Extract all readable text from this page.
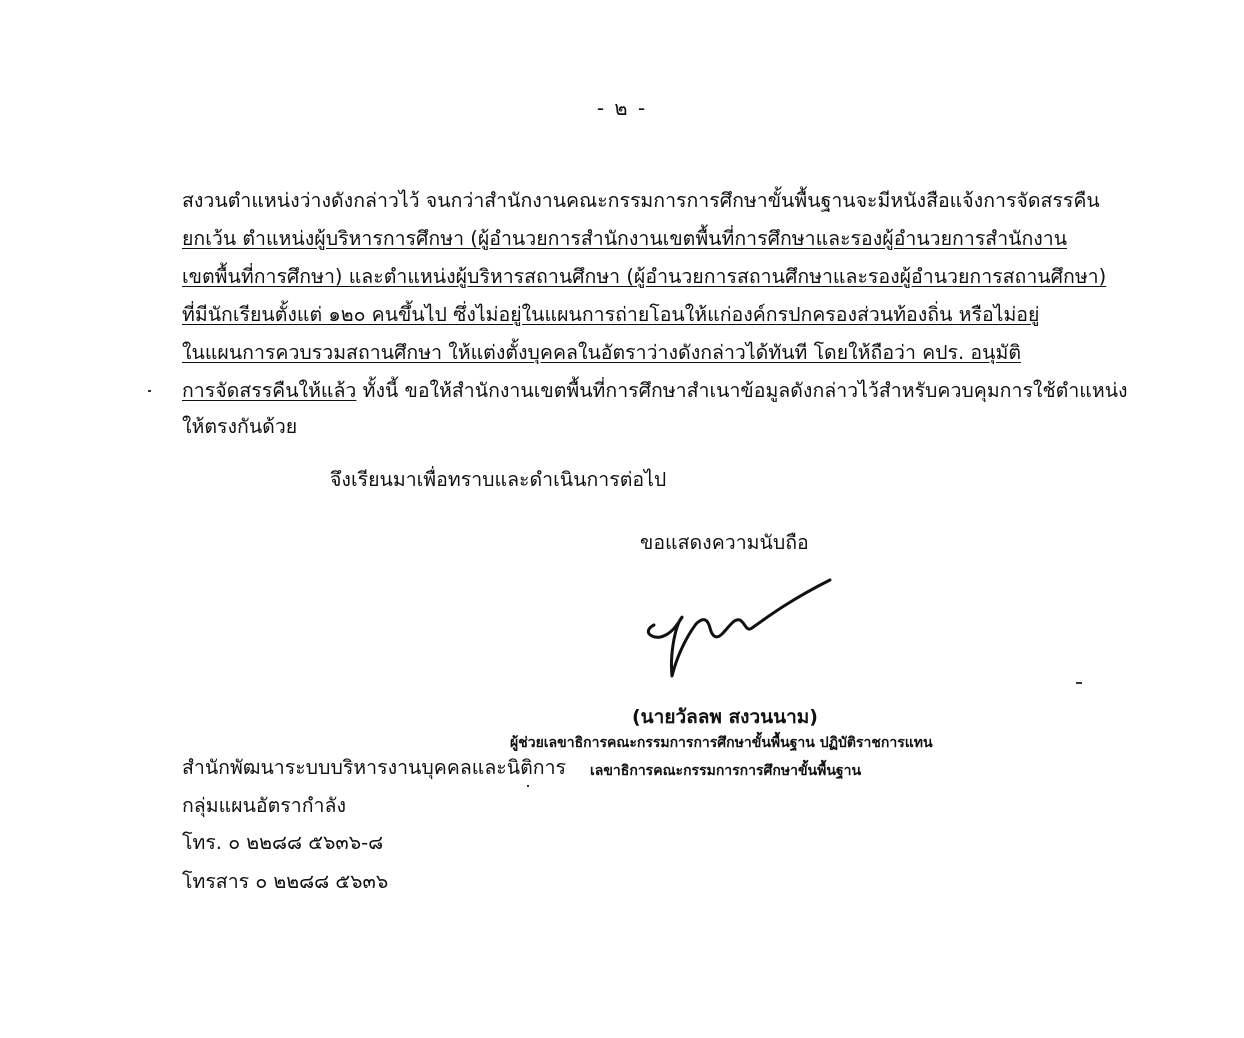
- ๒ -
สงวนตำแหน่งว่างดังกล่าวไว้ จนกว่าสำนักงานคณะกรรมการการศึกษาขั้นพื้นฐานจะมีหนังสือแจ้งการจัดสรรคืน
ยกเว้น ตำแหน่งผู้บริหารการศึกษา (ผู้อำนวยการสำนักงานเขตพื้นที่การศึกษาและรองผู้อำนวยการสำนักงาน
เขตพื้นที่การศึกษา) และตำแหน่งผู้บริหารสถานศึกษา (ผู้อำนวยการสถานศึกษาและรองผู้อำนวยการสถานศึกษา)
ที่มีนักเรียนตั้งแต่ ๑๒๐ คนขึ้นไป ซึ่งไม่อยู่ในแผนการถ่ายโอนให้แก่องค์กรปกครองส่วนท้องถิ่น หรือไม่อยู่
ในแผนการควบรวมสถานศึกษา ให้แต่งตั้งบุคคลในอัตราว่างดังกล่าวได้ทันที โดยให้ถือว่า คปร. อนุมัติ
การจัดสรรคืนให้แล้ว ทั้งนี้ ขอให้สำนักงานเขตพื้นที่การศึกษาสำเนาข้อมูลดังกล่าวไว้สำหรับควบคุมการใช้ตำแหน่ง
ให้ตรงกันด้วย
จึงเรียนมาเพื่อทราบและดำเนินการต่อไป
ขอแสดงความนับถือ
(นายวัลลพ สงวนนาม)
ผู้ช่วยเลขาธิการคณะกรรมการการศึกษาขั้นพื้นฐาน ปฏิบัติราชการแทน
สำนักพัฒนาระบบบริหารงานบุคคลและนิติการ เลขาธิการคณะกรรมการการศึกษาขั้นพื้นฐาน
กลุ่มแผนอัตรากำลัง
โทร. ๐ ๒๒๘๘ ๕๖๓๖-๘
โทรสาร ๐ ๒๒๘๘ ๕๖๓๖
